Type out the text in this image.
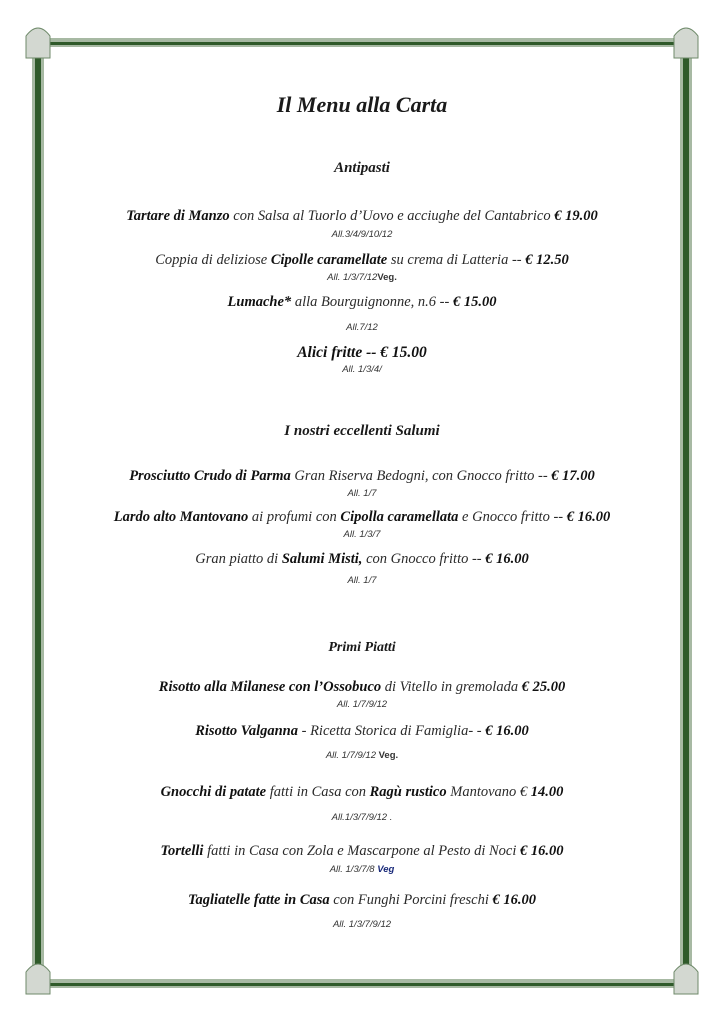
Il Menu alla Carta
Antipasti
Tartare di Manzo con Salsa al Tuorlo d’Uovo e acciughe del Cantabrico € 19.00
All.3/4/9/10/12
Coppia di deliziose Cipolle caramellate su crema di Latteria -- € 12.50
All. 1/3/7/12Veg.
Lumache* alla Bourguignonne, n.6 -- € 15.00
All.7/12
Alici fritte -- € 15.00
All. 1/3/4/
I nostri eccellenti Salumi
Prosciutto Crudo di Parma Gran Riserva Bedogni, con Gnocco fritto -- € 17.00
All. 1/7
Lardo alto Mantovano ai profumi con Cipolla caramellata e Gnocco fritto -- € 16.00
All. 1/3/7
Gran piatto di Salumi Misti, con Gnocco fritto -- € 16.00
All. 1/7
Primi Piatti
Risotto alla Milanese con l’Ossobuco di Vitello in gremolada € 25.00
All. 1/7/9/12
Risotto Valganna - Ricetta Storica di Famiglia- - € 16.00
All. 1/7/9/12 Veg.
Gnocchi di patate fatti in Casa con Ragù rustico Mantovano € 14.00
All.1/3/7/9/12 .
Tortelli fatti in Casa con Zola e Mascarpone al Pesto di Noci € 16.00
All. 1/3/7/8 Veg
Tagliatelle fatte in Casa con Funghi Porcini freschi € 16.00
All. 1/3/7/9/12
